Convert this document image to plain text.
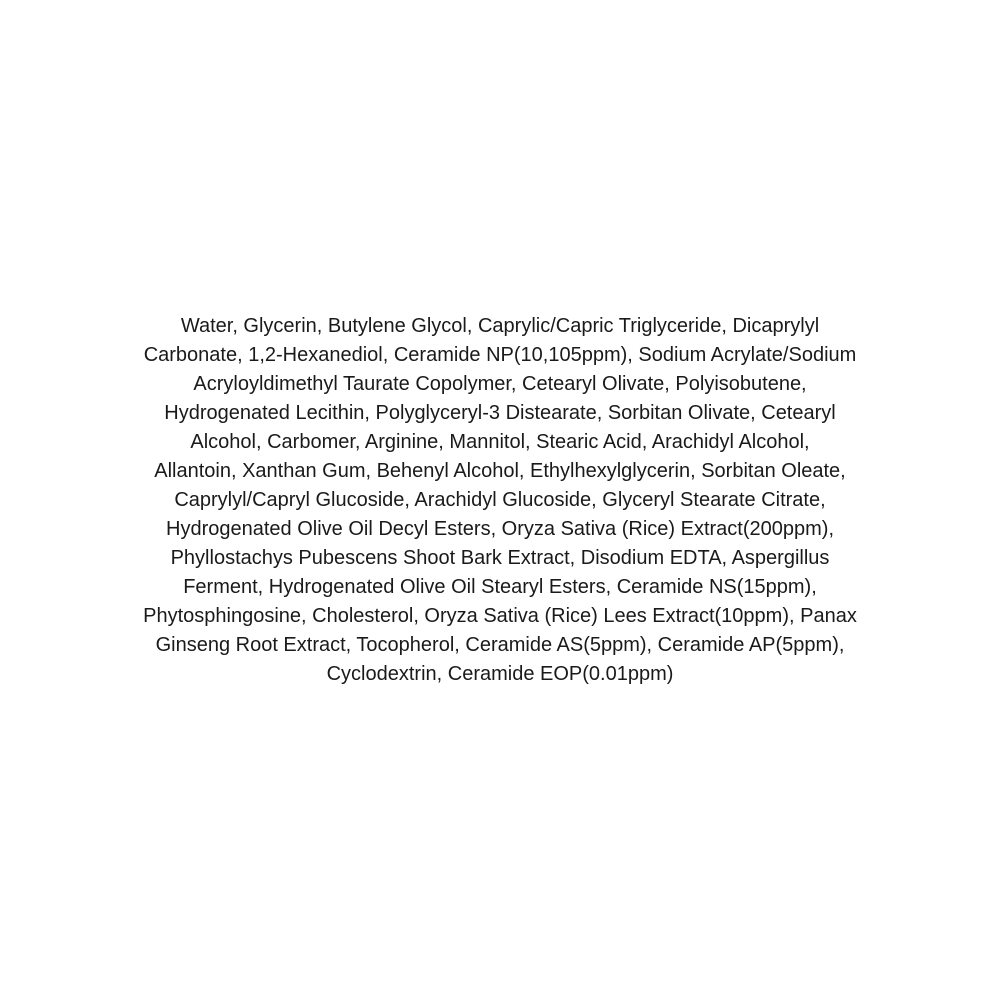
Water, Glycerin, Butylene Glycol, Caprylic/Capric Triglyceride, Dicaprylyl
Carbonate, 1,2-Hexanediol, Ceramide NP(10,105ppm), Sodium Acrylate/Sodium
Acryloyldimethyl Taurate Copolymer, Cetearyl Olivate, Polyisobutene,
Hydrogenated Lecithin, Polyglyceryl-3 Distearate, Sorbitan Olivate, Cetearyl
Alcohol, Carbomer, Arginine, Mannitol, Stearic Acid, Arachidyl Alcohol,
Allantoin, Xanthan Gum, Behenyl Alcohol, Ethylhexylglycerin, Sorbitan Oleate,
Caprylyl/Capryl Glucoside, Arachidyl Glucoside, Glyceryl Stearate Citrate,
Hydrogenated Olive Oil Decyl Esters, Oryza Sativa (Rice) Extract(200ppm),
Phyllostachys Pubescens Shoot Bark Extract, Disodium EDTA, Aspergillus
Ferment, Hydrogenated Olive Oil Stearyl Esters, Ceramide NS(15ppm),
Phytosphingosine, Cholesterol, Oryza Sativa (Rice) Lees Extract(10ppm), Panax
Ginseng Root Extract, Tocopherol, Ceramide AS(5ppm), Ceramide AP(5ppm),
Cyclodextrin, Ceramide EOP(0.01ppm)
